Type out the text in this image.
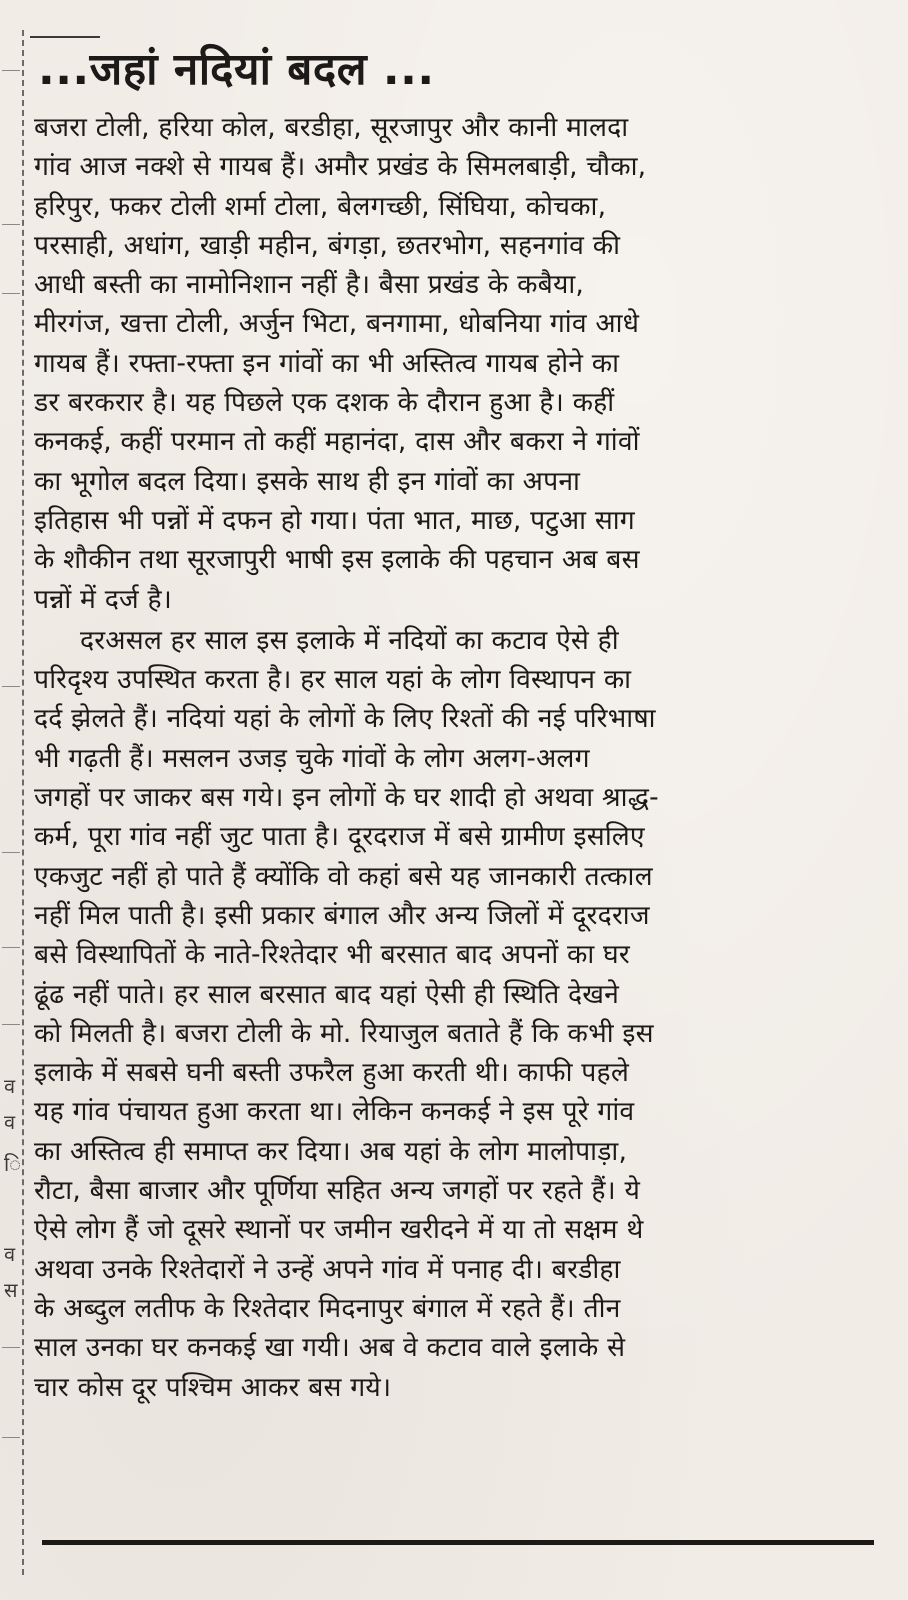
व
व
ि
व
स
...जहां नदियां बदल ...
बजरा टोली, हरिया कोल, बरडीहा, सूरजापुर और कानी मालदा
गांव आज नक्शे से गायब हैं। अमौर प्रखंड के सिमलबाड़ी, चौका,
हरिपुर, फकर टोली शर्मा टोला, बेलगच्छी, सिंघिया, कोचका,
परसाही, अधांग, खाड़ी महीन, बंगड़ा, छतरभोग, सहनगांव की
आधी बस्ती का नामोनिशान नहीं है। बैसा प्रखंड के कबैया,
मीरगंज, खत्ता टोली, अर्जुन भिटा, बनगामा, धोबनिया गांव आधे
गायब हैं। रफ्ता-रफ्ता इन गांवों का भी अस्तित्व गायब होने का
डर बरकरार है। यह पिछले एक दशक के दौरान हुआ है। कहीं
कनकई, कहीं परमान तो कहीं महानंदा, दास और बकरा ने गांवों
का भूगोल बदल दिया। इसके साथ ही इन गांवों का अपना
इतिहास भी पन्नों में दफन हो गया। पंता भात, माछ, पटुआ साग
के शौकीन तथा सूरजापुरी भाषी इस इलाके की पहचान अब बस
पन्नों में दर्ज है।
दरअसल हर साल इस इलाके में नदियों का कटाव ऐसे ही
परिदृश्य उपस्थित करता है। हर साल यहां के लोग विस्थापन का
दर्द झेलते हैं। नदियां यहां के लोगों के लिए रिश्तों की नई परिभाषा
भी गढ़ती हैं। मसलन उजड़ चुके गांवों के लोग अलग-अलग
जगहों पर जाकर बस गये। इन लोगों के घर शादी हो अथवा श्राद्ध-
कर्म, पूरा गांव नहीं जुट पाता है। दूरदराज में बसे ग्रामीण इसलिए
एकजुट नहीं हो पाते हैं क्योंकि वो कहां बसे यह जानकारी तत्काल
नहीं मिल पाती है। इसी प्रकार बंगाल और अन्य जिलों में दूरदराज
बसे विस्थापितों के नाते-रिश्तेदार भी बरसात बाद अपनों का घर
ढूंढ नहीं पाते। हर साल बरसात बाद यहां ऐसी ही स्थिति देखने
को मिलती है। बजरा टोली के मो. रियाजुल बताते हैं कि कभी इस
इलाके में सबसे घनी बस्ती उफरैल हुआ करती थी। काफी पहले
यह गांव पंचायत हुआ करता था। लेकिन कनकई ने इस पूरे गांव
का अस्तित्व ही समाप्त कर दिया। अब यहां के लोग मालोपाड़ा,
रौटा, बैसा बाजार और पूर्णिया सहित अन्य जगहों पर रहते हैं। ये
ऐसे लोग हैं जो दूसरे स्थानों पर जमीन खरीदने में या तो सक्षम थे
अथवा उनके रिश्तेदारों ने उन्हें अपने गांव में पनाह दी। बरडीहा
के अब्दुल लतीफ के रिश्तेदार मिदनापुर बंगाल में रहते हैं। तीन
साल उनका घर कनकई खा गयी। अब वे कटाव वाले इलाके से
चार कोस दूर पश्चिम आकर बस गये।
